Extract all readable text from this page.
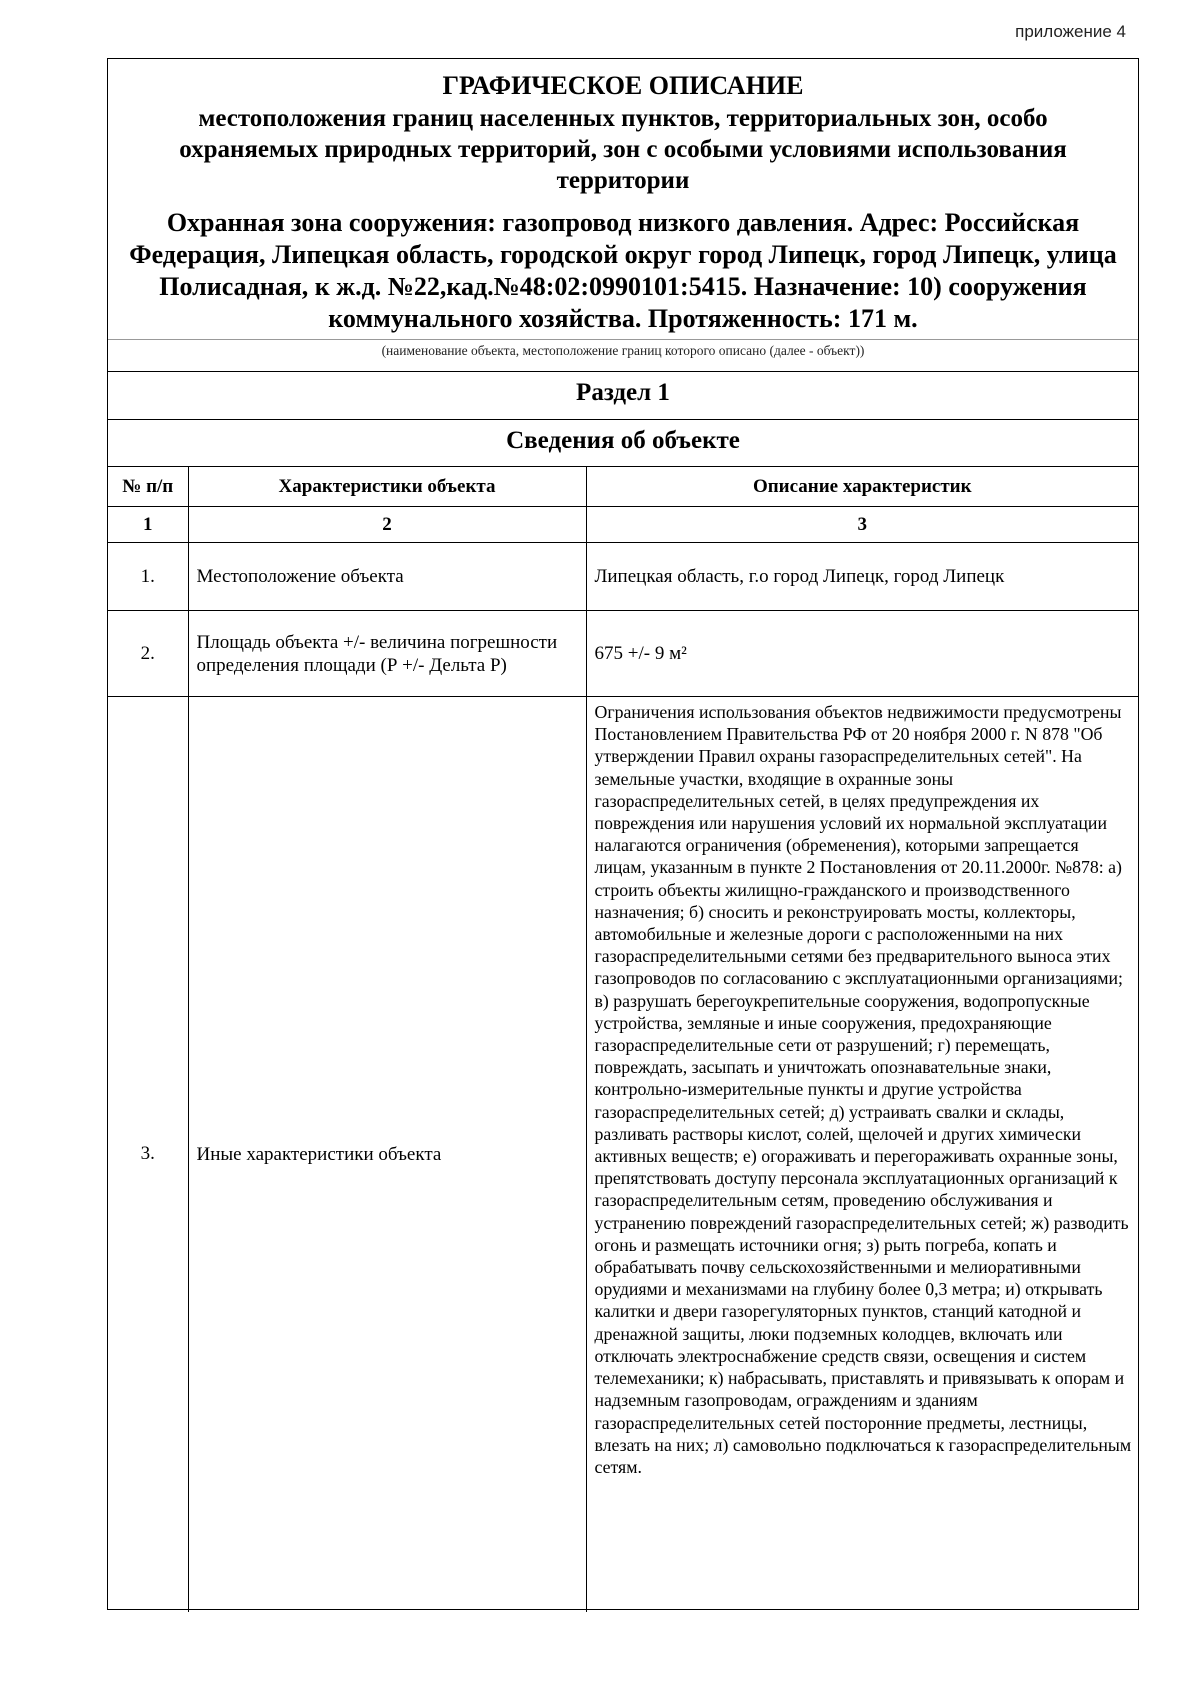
приложение 4
ГРАФИЧЕСКОЕ ОПИСАНИЕ
местоположения границ населенных пунктов, территориальных зон, особо охраняемых природных территорий, зон с особыми условиями использования территории
Охранная зона сооружения: газопровод низкого давления. Адрес: Российская Федерация, Липецкая область, городской округ город Липецк, город Липецк, улица Полисадная, к ж.д. №22,кад.№48:02:0990101:5415. Назначение: 10) сооружения коммунального хозяйства. Протяженность: 171 м.
(наименование объекта, местоположение границ которого описано (далее - объект))
Раздел 1
Сведения об объекте
№ п/п	Характеристики объекта	Описание характеристик
1	2	3
1.	Местоположение объекта	Липецкая область, г.о город Липецк, город Липецк
2.	Площадь объекта +/- величина погрешности определения площади (Р +/- Дельта Р)	675 +/- 9 м²
3.	Иные характеристики объекта	Ограничения использования объектов недвижимости предусмотрены Постановлением Правительства РФ от 20 ноября 2000 г. N 878 "Об утверждении Правил охраны газораспределительных сетей". На земельные участки, входящие в охранные зоны газораспределительных сетей, в целях предупреждения их повреждения или нарушения условий их нормальной эксплуатации налагаются ограничения (обременения), которыми запрещается лицам, указанным в пункте 2 Постановления от 20.11.2000г. №878: а) строить объекты жилищно-гражданского и производственного назначения; б) сносить и реконструировать мосты, коллекторы, автомобильные и железные дороги с расположенными на них газораспределительными сетями без предварительного выноса этих газопроводов по согласованию с эксплуатационными организациями; в) разрушать берегоукрепительные сооружения, водопропускные устройства, земляные и иные сооружения, предохраняющие газораспределительные сети от разрушений; г) перемещать, повреждать, засыпать и уничтожать опознавательные знаки, контрольно-измерительные пункты и другие устройства газораспределительных сетей; д) устраивать свалки и склады, разливать растворы кислот, солей, щелочей и других химически активных веществ; е) огораживать и перегораживать охранные зоны, препятствовать доступу персонала эксплуатационных организаций к газораспределительным сетям, проведению обслуживания и устранению повреждений газораспределительных сетей; ж) разводить огонь и размещать источники огня; з) рыть погреба, копать и обрабатывать почву сельскохозяйственными и мелиоративными орудиями и механизмами на глубину более 0,3 метра; и) открывать калитки и двери газорегуляторных пунктов, станций катодной и дренажной защиты, люки подземных колодцев, включать или отключать электроснабжение средств связи, освещения и систем телемеханики; к) набрасывать, приставлять и привязывать к опорам и надземным газопроводам, ограждениям и зданиям газораспределительных сетей посторонние предметы, лестницы, влезать на них; л) самовольно подключаться к газораспределительным сетям.
